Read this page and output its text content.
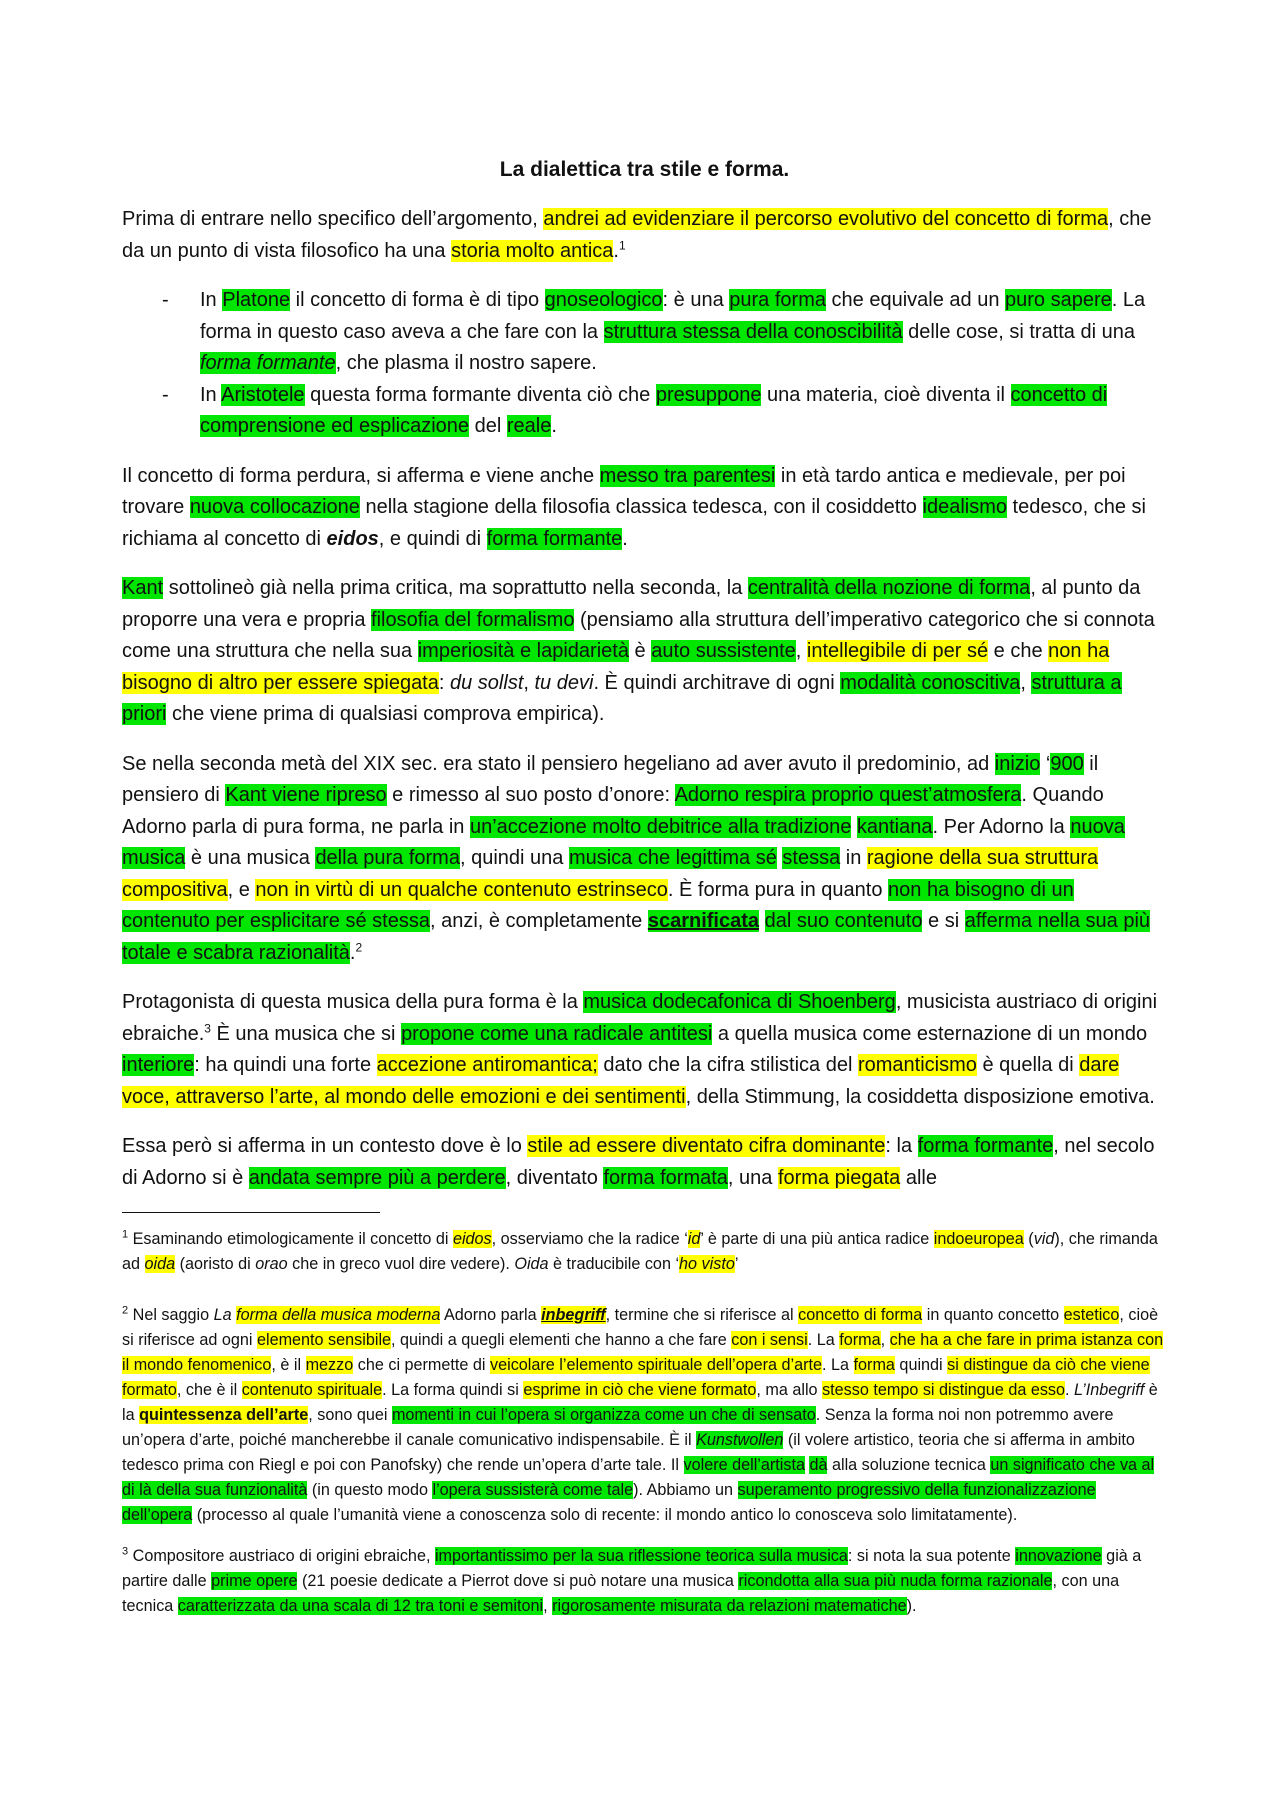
La dialettica tra stile e forma.

Prima di entrare nello specifico dell’argomento, andrei ad evidenziare il percorso evolutivo del concetto di forma, che da un punto di vista filosofico ha una storia molto antica.$^1$

- In Platone il concetto di forma è di tipo gnoseologico: è una pura forma che equivale ad un puro sapere. La forma in questo caso aveva a che fare con la struttura stessa della conoscibilità delle cose, si tratta di una forma formante, che plasma il nostro sapere.
- In Aristotele questa forma formante diventa ciò che presuppone una materia, cioè diventa il concetto di comprensione ed esplicazione del reale.

Il concetto di forma perdura, si afferma e viene anche messo tra parentesi in età tardo antica e medievale, per poi trovare nuova collocazione nella stagione della filosofia classica tedesca, con il cosiddetto idealismo tedesco, che si richiama al concetto di eidos, e quindi di forma formante.

Kant sottolineò già nella prima critica, ma soprattutto nella seconda, la centralità della nozione di forma, al punto da proporre una vera e propria filosofia del formalismo (pensiamo alla struttura dell’imperativo categorico che si connota come una struttura che nella sua imperiosità e lapidarietà è auto sussistente, intellegibile di per sé e che non ha bisogno di altro per essere spiegata: du sollst, tu devi. È quindi architrave di ogni modalità conoscitiva, struttura a priori che viene prima di qualsiasi comprova empirica).

Se nella seconda metà del XIX sec. era stato il pensiero hegeliano ad aver avuto il predominio, ad inizio ‘900 il pensiero di Kant viene ripreso e rimesso al suo posto d’onore: Adorno respira proprio quest’atmosfera. Quando Adorno parla di pura forma, ne parla in un’accezione molto debitrice alla tradizione kantiana. Per Adorno la nuova musica è una musica della pura forma, quindi una musica che legittima sé stessa in ragione della sua struttura compositiva, e non in virtù di un qualche contenuto estrinseco. È forma pura in quanto non ha bisogno di un contenuto per esplicitare sé stessa, anzi, è completamente scarnificata dal suo contenuto e si afferma nella sua più totale e scabra razionalità.$^2$

Protagonista di questa musica della pura forma è la musica dodecafonica di Shoenberg, musicista austriaco di origini ebraiche.$^3$ È una musica che si propone come una radicale antitesi a quella musica come esternazione di un mondo interiore: ha quindi una forte accezione antiromantica; dato che la cifra stilistica del romanticismo è quella di dare voce, attraverso l’arte, al mondo delle emozioni e dei sentimenti, della Stimmung, la cosiddetta disposizione emotiva.

Essa però si afferma in un contesto dove è lo stile ad essere diventato cifra dominante: la forma formante, nel secolo di Adorno si è andata sempre più a perdere, diventato forma formata, una forma piegata alle

$^1$ Esaminando etimologicamente il concetto di eidos, osserviamo che la radice ‘id’ è parte di una più antica radice indoeuropea (vid), che rimanda ad oida (aoristo di orao che in greco vuol dire vedere). Oida è traducibile con ‘ho visto’

$^2$ Nel saggio La forma della musica moderna Adorno parla inbegriff, termine che si riferisce al concetto di forma in quanto concetto estetico, cioè si riferisce ad ogni elemento sensibile, quindi a quegli elementi che hanno a che fare con i sensi. La forma, che ha a che fare in prima istanza con il mondo fenomenico, è il mezzo che ci permette di veicolare l’elemento spirituale dell’opera d’arte. La forma quindi si distingue da ciò che viene formato, che è il contenuto spirituale. La forma quindi si esprime in ciò che viene formato, ma allo stesso tempo si distingue da esso. L’Inbegriff è la quintessenza dell’arte, sono quei momenti in cui l’opera si organizza come un che di sensato. Senza la forma noi non potremmo avere un’opera d’arte, poiché mancherebbe il canale comunicativo indispensabile. È il Kunstwollen (il volere artistico, teoria che si afferma in ambito tedesco prima con Riegl e poi con Panofsky) che rende un’opera d’arte tale. Il volere dell’artista dà alla soluzione tecnica un significato che va al di là della sua funzionalità (in questo modo l’opera sussisterà come tale). Abbiamo un superamento progressivo della funzionalizzazione dell’opera (processo al quale l’umanità viene a conoscenza solo di recente: il mondo antico lo conosceva solo limitatamente).

$^3$ Compositore austriaco di origini ebraiche, importantissimo per la sua riflessione teorica sulla musica: si nota la sua potente innovazione già a partire dalle prime opere (21 poesie dedicate a Pierrot dove si può notare una musica ricondotta alla sua più nuda forma razionale, con una tecnica caratterizzata da una scala di 12 tra toni e semitoni, rigorosamente misurata da relazioni matematiche).
